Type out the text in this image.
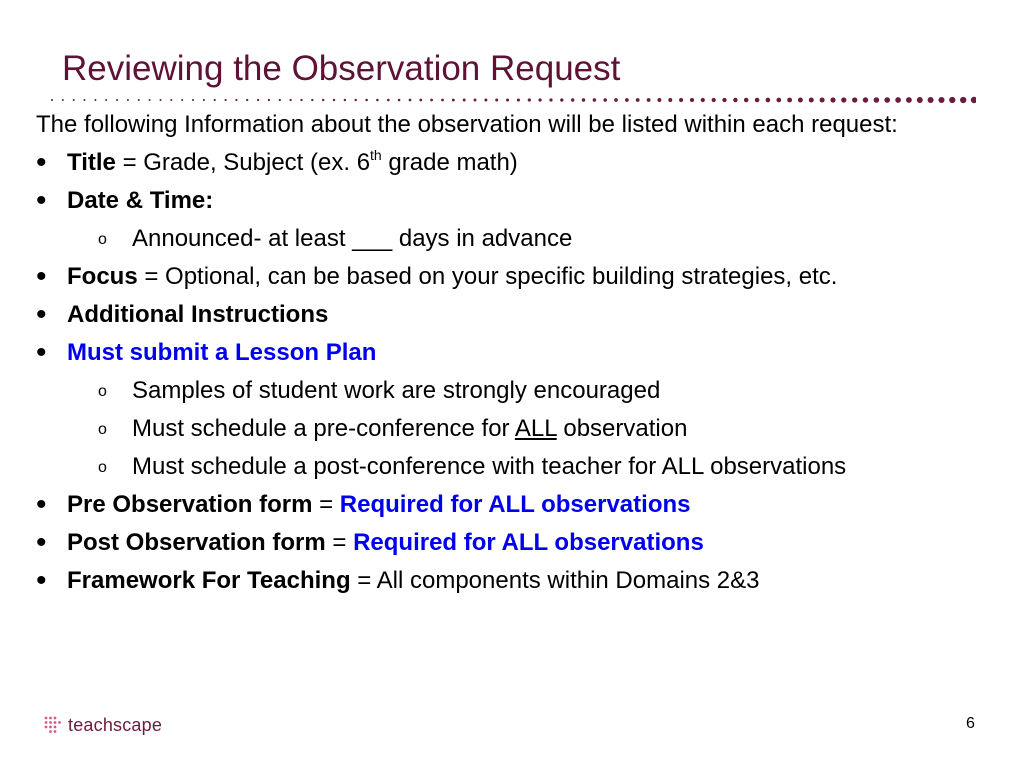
Reviewing the Observation Request
The following Information about the observation will be listed within each request:
• Title = Grade, Subject (ex. 6th grade math)
• Date & Time:
o Announced- at least ___ days in advance
• Focus = Optional, can be based on your specific building strategies, etc.
• Additional Instructions
• Must submit a Lesson Plan
o Samples of student work are strongly encouraged
o Must schedule a pre-conference for ALL observation
o Must schedule a post-conference with teacher for ALL observations
• Pre Observation form = Required for ALL observations
• Post Observation form = Required for ALL observations
• Framework For Teaching = All components within Domains 2&3
teachscape	6
